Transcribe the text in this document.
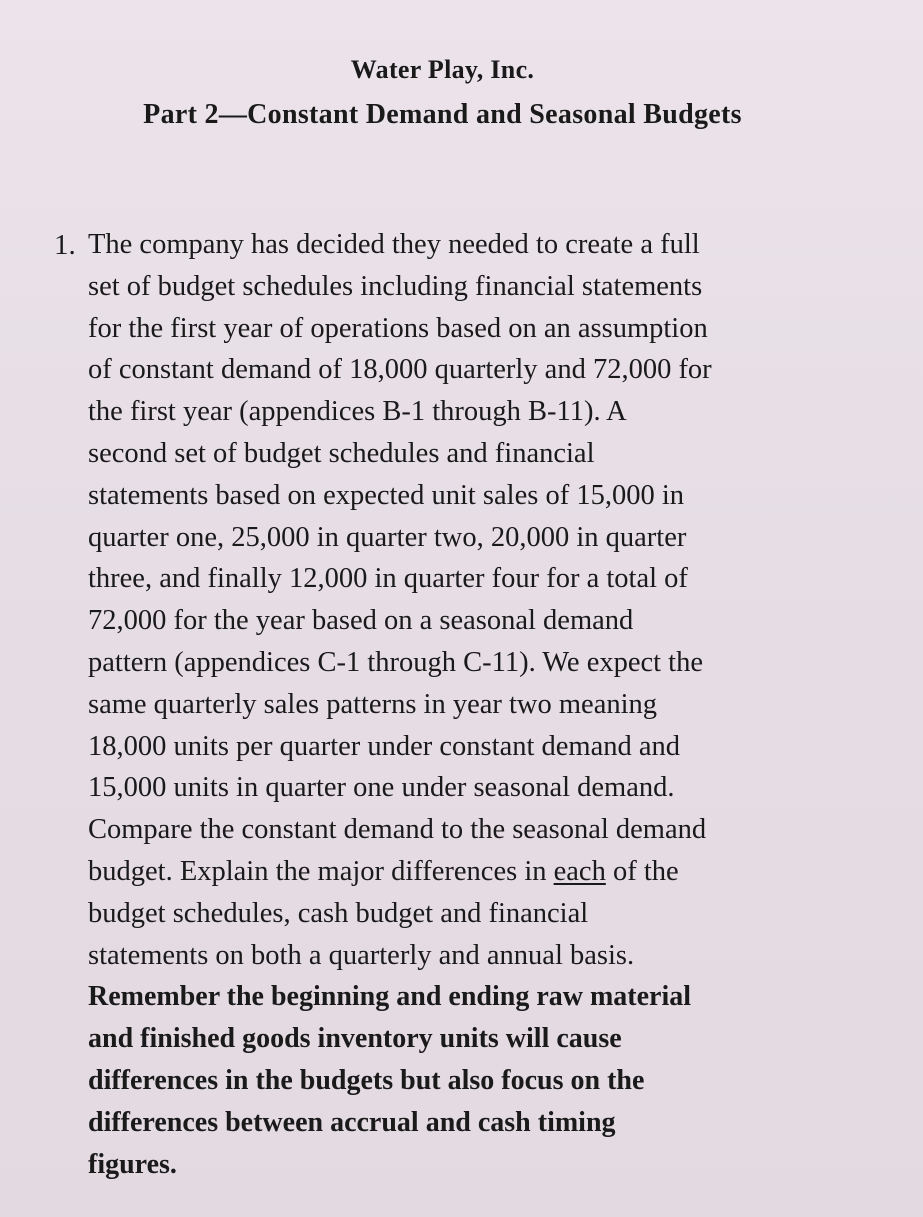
Water Play, Inc.
Part 2—Constant Demand and Seasonal Budgets
1. The company has decided they needed to create a full
set of budget schedules including financial statements
for the first year of operations based on an assumption
of constant demand of 18,000 quarterly and 72,000 for
the first year (appendices B-1 through B-11). A
second set of budget schedules and financial
statements based on expected unit sales of 15,000 in
quarter one, 25,000 in quarter two, 20,000 in quarter
three, and finally 12,000 in quarter four for a total of
72,000 for the year based on a seasonal demand
pattern (appendices C-1 through C-11). We expect the
same quarterly sales patterns in year two meaning
18,000 units per quarter under constant demand and
15,000 units in quarter one under seasonal demand.
Compare the constant demand to the seasonal demand
budget. Explain the major differences in each of the
budget schedules, cash budget and financial
statements on both a quarterly and annual basis.
Remember the beginning and ending raw material
and finished goods inventory units will cause
differences in the budgets but also focus on the
differences between accrual and cash timing
figures.
